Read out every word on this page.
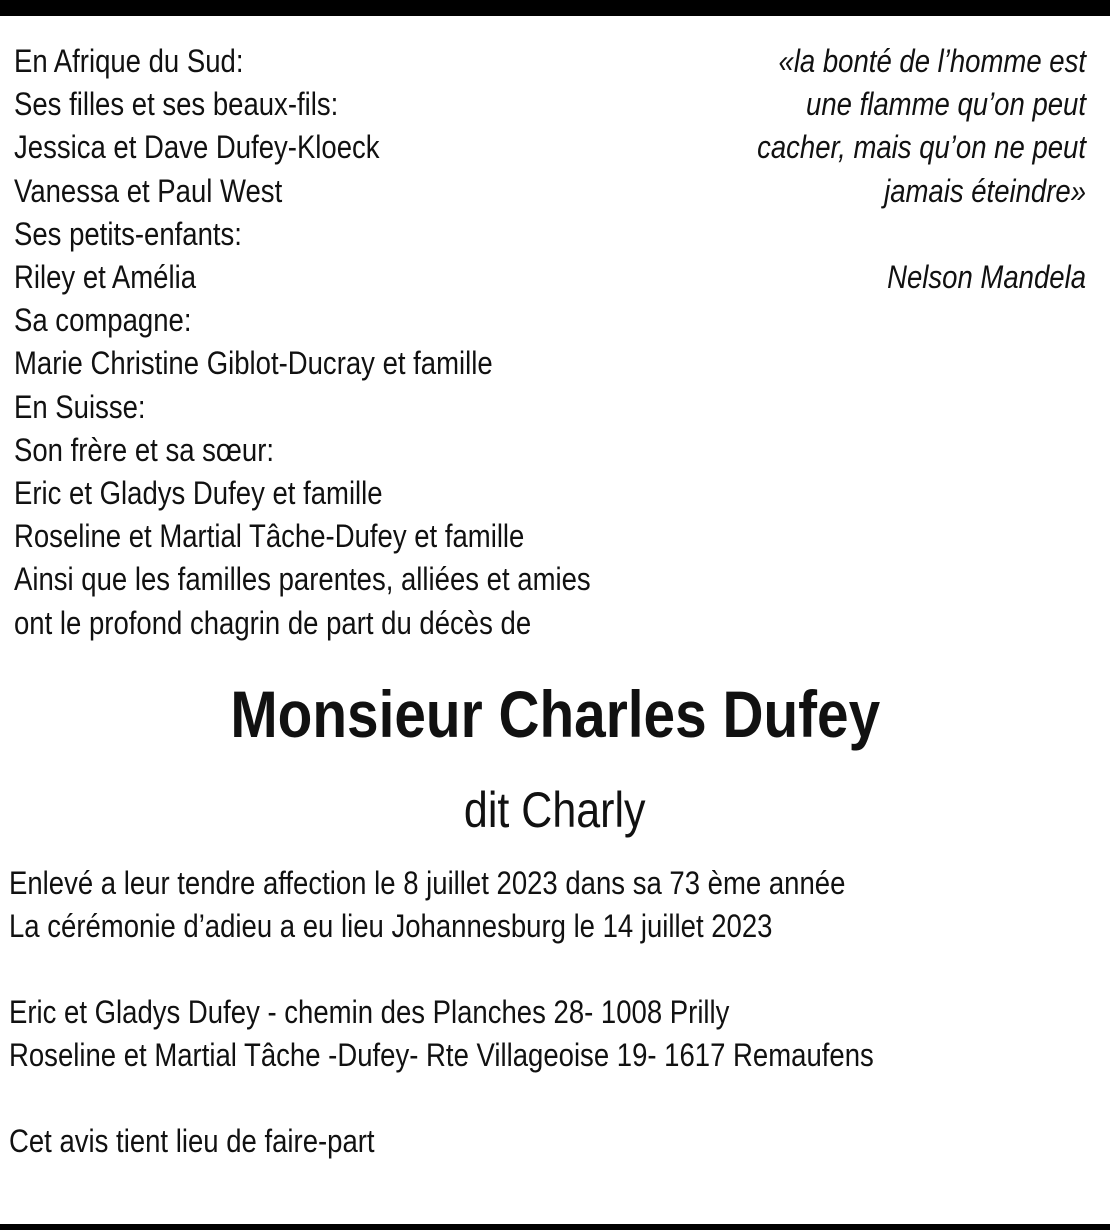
En Afrique du Sud:
Ses filles et ses beaux-fils:
Jessica et Dave Dufey-Kloeck
Vanessa et Paul West
Ses petits-enfants:
Riley et Amélia
Sa compagne:
Marie Christine Giblot-Ducray et famille
En Suisse:
Son frère et sa sœur:
Eric et Gladys Dufey et famille
Roseline et Martial Tâche-Dufey et famille
Ainsi que les familles parentes, alliées et amies
ont le profond chagrin de part du décès de
«la bonté de l’homme est
une flamme qu’on peut
cacher, mais qu’on ne peut
jamais éteindre»
Nelson Mandela
Monsieur Charles Dufey
dit Charly
Enlevé a leur tendre affection le 8 juillet 2023 dans sa 73 ème année
La cérémonie d’adieu a eu lieu Johannesburg le 14 juillet 2023
Eric et Gladys Dufey - chemin des Planches 28- 1008 Prilly
Roseline et Martial Tâche -Dufey- Rte Villageoise 19- 1617 Remaufens
Cet avis tient lieu de faire-part
